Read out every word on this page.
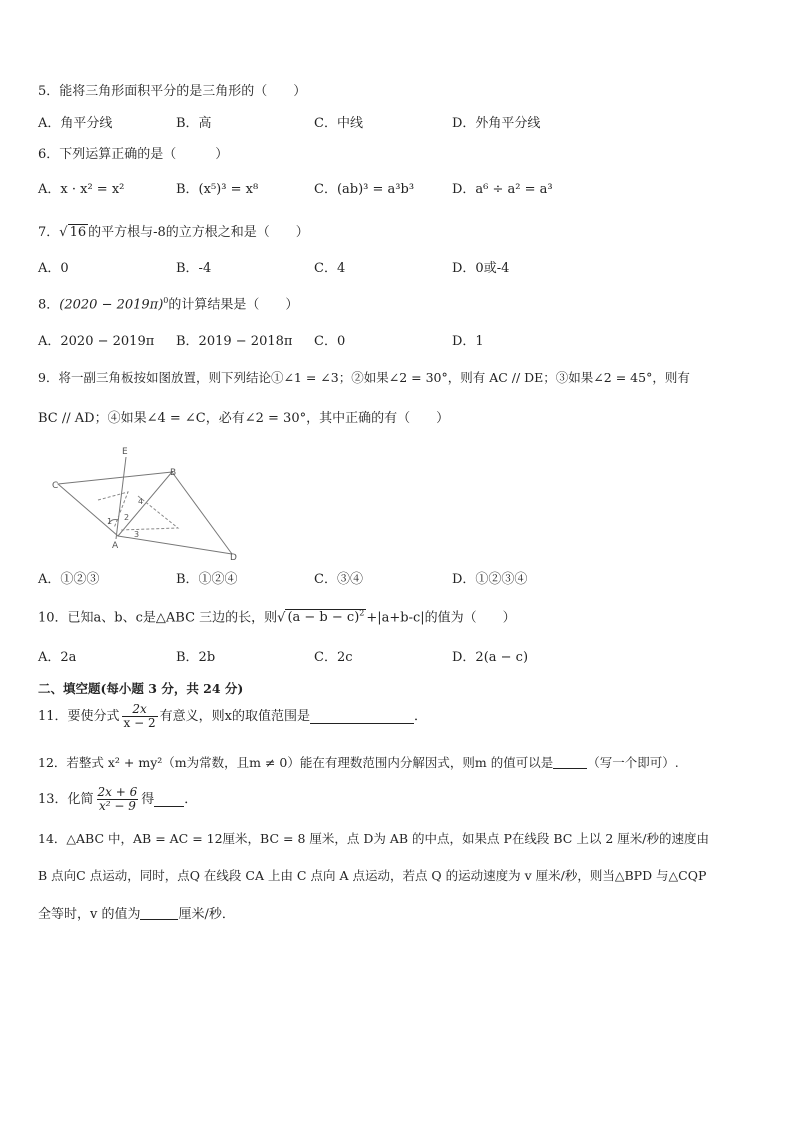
5．能将三角形面积平分的是三角形的（　　）
A．角平分线	B．高	C．中线	D．外角平分线
6．下列运算正确的是（　　　）
A．x · x² = x²	B．(x⁵)³ = x⁸	C．(ab)³ = a³b³	D．a⁶ ÷ a² = a³
7．√ 16 的平方根与-8的立方根之和是（　　）
A．0	B．-4	C．4	D．0或-4
8．$(2020 - 2019\pi)^0$的计算结果是（　　）
A．2020 − 2019π B．2019 − 2018π C．0	D．1
9．将一副三角板按如图放置，则下列结论①∠1 = ∠3；②如果∠2 = 30°，则有 AC // DE；③如果∠2 = 45°，则有
BC // AD；④如果∠4 = ∠C，必有∠2 = 30°，其中正确的有（　　）
E
B
C
A
D
1 2
3
4
A．①②③	B．①②④	C．③④	D．①②③④
10．已知a、b、c是△ABC 三边的长，则√ $(a - b - c)^2 +|a+b-c|$的值为（　　）
A．2a	B．2b	C．2c	D．2(a − c)
二、填空题(每小题 3 分，共 24 分)
11．要使分式 $\frac{2x}{x - 2}$ 有意义，则x的取值范围是	．
12．若整式 x² + my²（m为常数，且m ≠ 0）能在有理数范围内分解因式，则m 的值可以是	（写一个即可）.
13．化简 $\frac{2x + 6}{\text{x² − 9}}$ 得 ．
14．△ABC 中，AB = AC = 12厘米，BC = 8 厘米，点 D为 AB 的中点，如果点 P在线段 BC 上以 2 厘米/秒的速度由
B 点向C 点运动，同时，点Q 在线段 CA 上由 C 点向 A 点运动，若点 Q 的运动速度为 v 厘米/秒，则当△BPD 与△CQP
全等时，v 的值为	厘米/秒．
